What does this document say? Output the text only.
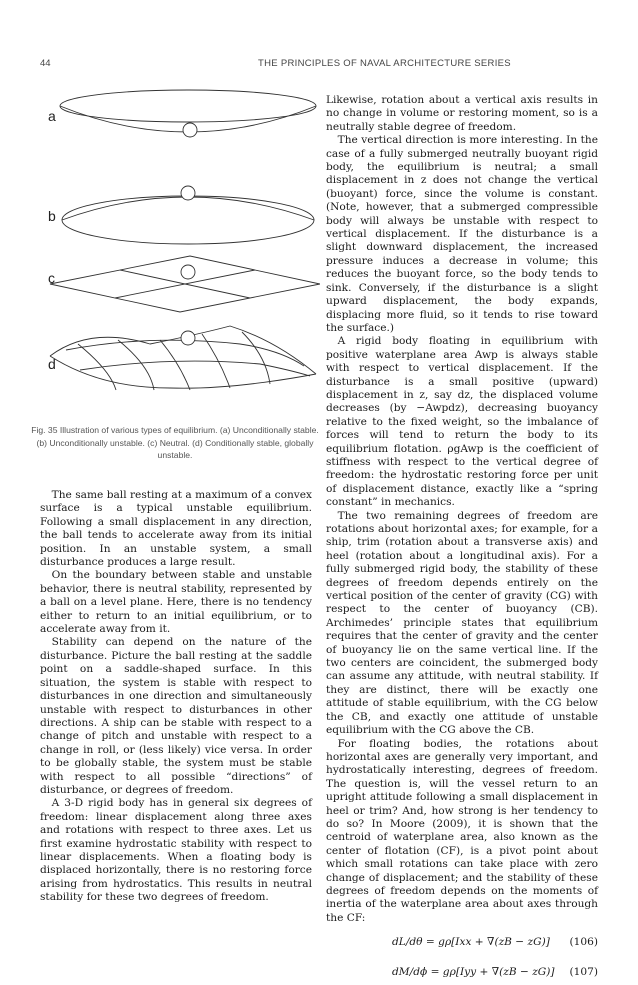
44	THE PRINCIPLES OF NAVAL ARCHITECTURE SERIES
a
b
c
d
Fig. 35 Illustration of various types of equilibrium. (a) Unconditionally stable. (b) Unconditionally unstable. (c) Neutral. (d) Conditionally stable, globally unstable.

The same ball resting at a maximum of a convex surface is a typical unstable equilibrium. Following a small displacement in any direction, the ball tends to accelerate away from its initial position. In an unstable system, a small disturbance produces a large result.

On the boundary between stable and unstable behavior, there is neutral stability, represented by a ball on a level plane. Here, there is no tendency either to return to an initial equilibrium, or to accelerate away from it.

Stability can depend on the nature of the disturbance. Picture the ball resting at the saddle point on a saddle-shaped surface. In this situation, the system is stable with respect to disturbances in one direction and simultaneously unstable with respect to disturbances in other directions. A ship can be stable with respect to a change of pitch and unstable with respect to a change in roll, or (less likely) vice versa. In order to be globally stable, the system must be stable with respect to all possible “directions” of disturbance, or degrees of freedom.

A 3-D rigid body has in general six degrees of freedom: linear displacement along three axes and rotations with respect to three axes. Let us first examine hydrostatic stability with respect to linear displacements. When a floating body is displaced horizontally, there is no restoring force arising from hydrostatics. This results in neutral stability for these two degrees of freedom.

Likewise, rotation about a vertical axis results in no change in volume or restoring moment, so is a neutrally stable degree of freedom.

The vertical direction is more interesting. In the case of a fully submerged neutrally buoyant rigid body, the equilibrium is neutral; a small displacement in z does not change the vertical (buoyant) force, since the volume is constant. (Note, however, that a submerged compressible body will always be unstable with respect to vertical displacement. If the disturbance is a slight downward displacement, the increased pressure induces a decrease in volume; this reduces the buoyant force, so the body tends to sink. Conversely, if the disturbance is a slight upward displacement, the body expands, displacing more fluid, so it tends to rise toward the surface.)

A rigid body floating in equilibrium with positive waterplane area Awp is always stable with respect to vertical displacement. If the disturbance is a small positive (upward) displacement in z, say dz, the displaced volume decreases (by −Awpdz), decreasing buoyancy relative to the fixed weight, so the imbalance of forces will tend to return the body to its equilibrium flotation. ρgAwp is the coefficient of stiffness with respect to the vertical degree of freedom: the hydrostatic restoring force per unit of displacement distance, exactly like a “spring constant” in mechanics.

The two remaining degrees of freedom are rotations about horizontal axes; for example, for a ship, trim (rotation about a transverse axis) and heel (rotation about a longitudinal axis). For a fully submerged rigid body, the stability of these degrees of freedom depends entirely on the vertical position of the center of gravity (CG) with respect to the center of buoyancy (CB). Archimedes’ principle states that equilibrium requires that the center of gravity and the center of buoyancy lie on the same vertical line. If the two centers are coincident, the submerged body can assume any attitude, with neutral stability. If they are distinct, there will be exactly one attitude of stable equilibrium, with the CG below the CB, and exactly one attitude of unstable equilibrium with the CG above the CB.

For floating bodies, the rotations about horizontal axes are generally very important, and hydrostatically interesting, degrees of freedom. The question is, will the vessel return to an upright attitude following a small displacement in heel or trim? And, how strong is her tendency to do so? In Moore (2009), it is shown that the centroid of waterplane area, also known as the center of flotation (CF), is a pivot point about which small rotations can take place with zero change of displacement; and the stability of these degrees of freedom depends on the moments of inertia of the waterplane area about axes through the CF:

dL/dθ = gρ[Ixx + ∇(zB − zG)] (106)
dM/dϕ = gρ[Iyy + ∇(zB − zG)] (107)
